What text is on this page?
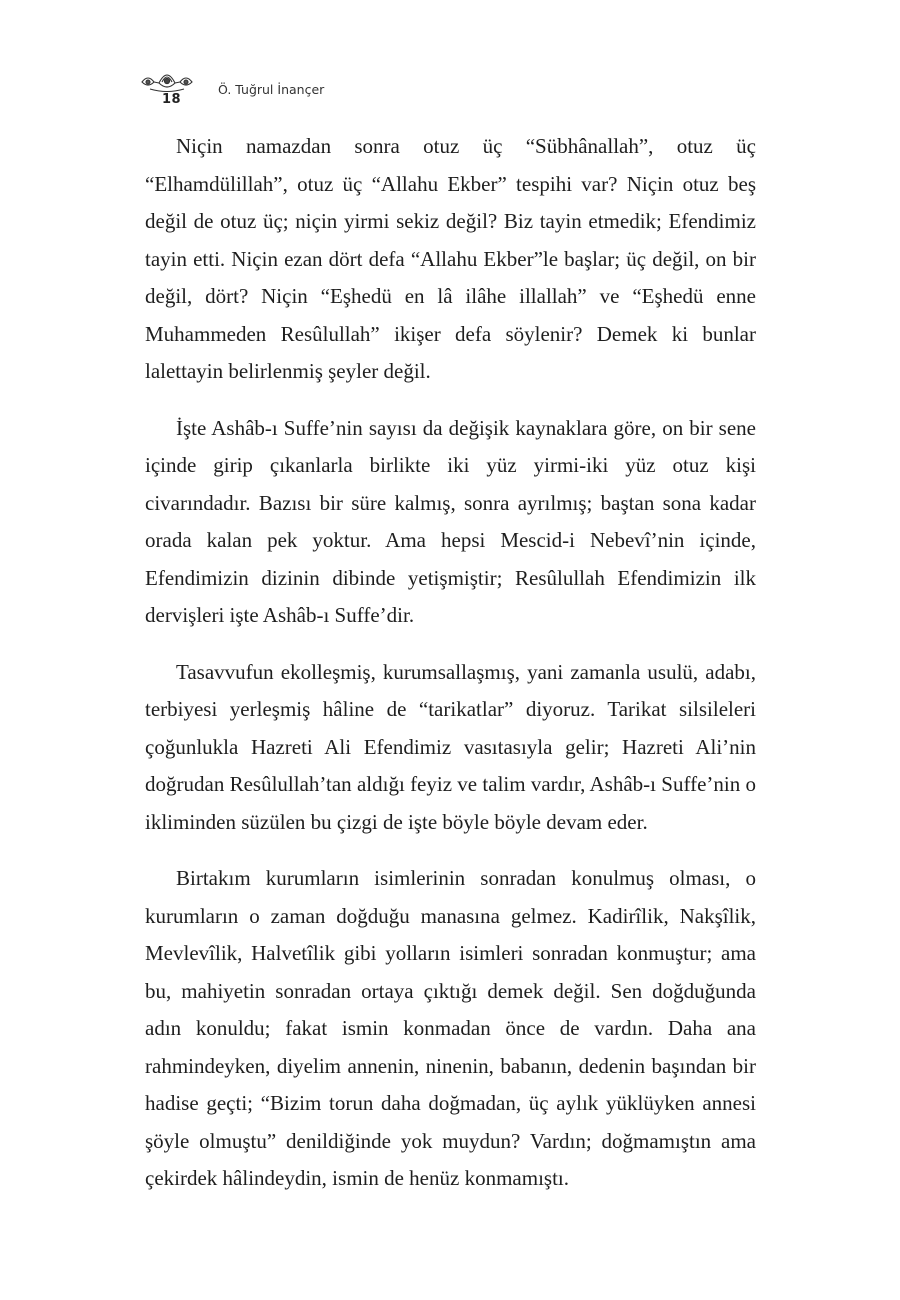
18
Ö. Tuğrul İnançer

Niçin namazdan sonra otuz üç “Sübhânallah”, otuz üç “Elhamdülillah”, otuz üç “Allahu Ekber” tespihi var? Niçin otuz beş değil de otuz üç; niçin yirmi sekiz değil? Biz tayin etmedik; Efendimiz tayin etti. Niçin ezan dört defa “Allahu Ekber”le başlar; üç değil, on bir değil, dört? Niçin “Eşhedü en lâ ilâhe illallah” ve “Eşhedü enne Muhammeden Resûlullah” ikişer defa söylenir? Demek ki bunlar lalettayin belirlenmiş şeyler değil.

İşte Ashâb-ı Suffe’nin sayısı da değişik kaynaklara göre, on bir sene içinde girip çıkanlarla birlikte iki yüz yirmi-iki yüz otuz kişi civarındadır. Bazısı bir süre kalmış, sonra ayrılmış; baştan sona kadar orada kalan pek yoktur. Ama hepsi Mescid-i Nebevî’nin içinde, Efendimizin dizinin dibinde yetişmiştir; Resûlullah Efendimizin ilk dervişleri işte Ashâb-ı Suffe’dir.

Tasavvufun ekolleşmiş, kurumsallaşmış, yani zamanla usulü, adabı, terbiyesi yerleşmiş hâline de “tarikatlar” diyoruz. Tarikat silsileleri çoğunlukla Hazreti Ali Efendimiz vasıtasıyla gelir; Hazreti Ali’nin doğrudan Resûlullah’tan aldığı feyiz ve talim vardır, Ashâb-ı Suffe’nin o ikliminden süzülen bu çizgi de işte böyle böyle devam eder.

Birtakım kurumların isimlerinin sonradan konulmuş olması, o kurumların o zaman doğduğu manasına gelmez. Kadirîlik, Nakşîlik, Mevlevîlik, Halvetîlik gibi yolların isimleri sonradan konmuştur; ama bu, mahiyetin sonradan ortaya çıktığı demek değil. Sen doğduğunda adın konuldu; fakat ismin konmadan önce de vardın. Daha ana rahmindeyken, diyelim annenin, ninenin, babanın, dedenin başından bir hadise geçti; “Bizim torun daha doğmadan, üç aylık yüklüyken annesi şöyle olmuştu” denildiğinde yok muydun? Vardın; doğmamıştın ama çekirdek hâlindeydin, ismin de henüz konmamıştı.
